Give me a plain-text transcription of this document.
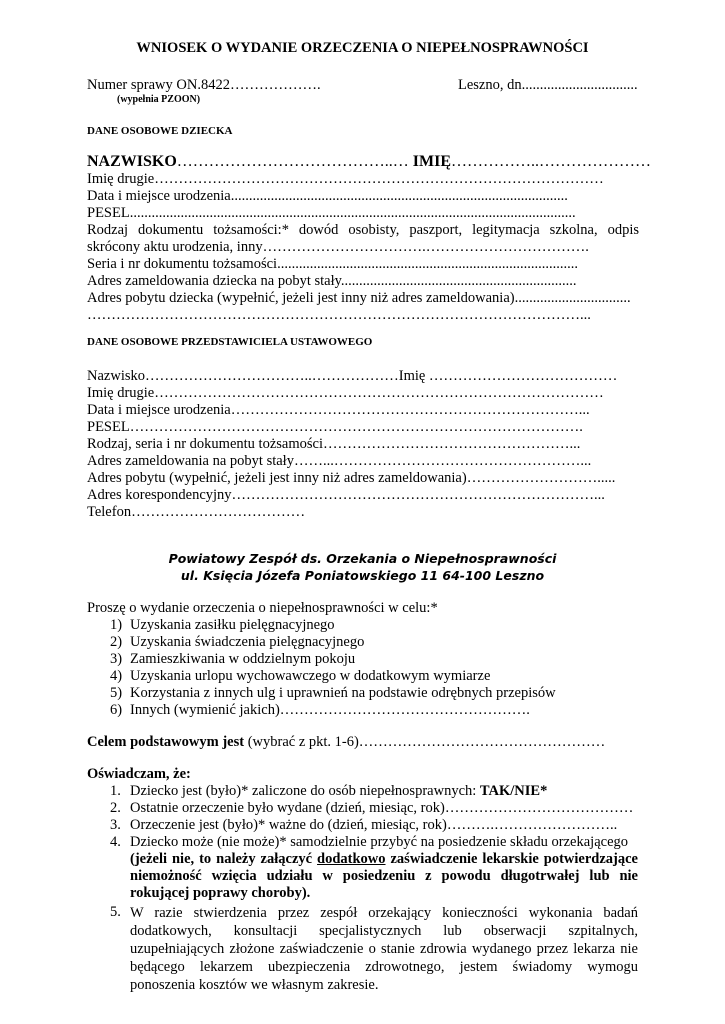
WNIOSEK O WYDANIE ORZECZENIA O NIEPEŁNOSPRAWNOŚCI
Numer sprawy ON.8422……………….
(wypełnia PZOON)
Leszno, dn................................
DANE OSOBOWE DZIECKA
NAZWISKO…………………………………..… IMIĘ……………..…………………
Imię drugie…………………………………………………………………………………
Data i miejsce urodzenia.............................................................................................
PESEL...........................................................................................................................
Rodzaj dokumentu tożsamości:* dowód osobisty, paszport, legitymacja szkolna, odpis
skrócony aktu urodzenia, inny…………………………….…………………………….
Seria i nr dokumentu tożsamości...................................................................................
Adres zameldowania dziecka na pobyt stały.................................................................
Adres pobytu dziecka (wypełnić, jeżeli jest inny niż adres zameldowania)................................
…………………………………………………………………………………………...
DANE OSOBOWE PRZEDSTAWICIELA USTAWOWEGO
Nazwisko……………………………..………………Imię …………………………………
Imię drugie…………………………………………………………………………………
Data i miejsce urodzenia………………………………………………………………...
PESEL………………………………………………………………………………….
Rodzaj, seria i nr dokumentu tożsamości……………………………………………...
Adres zameldowania na pobyt stały……...……………………………………………...
Adres pobytu (wypełnić, jeżeli jest inny niż adres zameldowania)……………………….....
Adres korespondencyjny…………………………………………………………………...
Telefon………………………………
Powiatowy Zespół ds. Orzekania o Niepełnosprawności
ul. Księcia Józefa Poniatowskiego 11 64-100 Leszno
Proszę o wydanie orzeczenia o niepełnosprawności w celu:*
1) Uzyskania zasiłku pielęgnacyjnego
2) Uzyskania świadczenia pielęgnacyjnego
3) Zamieszkiwania w oddzielnym pokoju
4) Uzyskania urlopu wychowawczego w dodatkowym wymiarze
5) Korzystania z innych ulg i uprawnień na podstawie odrębnych przepisów
6) Innych (wymienić jakich)…………………………………………….
Celem podstawowym jest (wybrać z pkt. 1-6)……………………………………………
Oświadczam, że:
1. Dziecko jest (było)* zaliczone do osób niepełnosprawnych: TAK/NIE*
2. Ostatnie orzeczenie było wydane (dzień, miesiąc, rok)…………………………………
3. Orzeczenie jest (było)* ważne do (dzień, miesiąc, rok)……….……………………..
4. Dziecko może (nie może)* samodzielnie przybyć na posiedzenie składu orzekającego
(jeżeli nie, to należy załączyć dodatkowo zaświadczenie lekarskie potwierdzające
niemożność wzięcia udziału w posiedzeniu z powodu długotrwałej lub nie
rokującej poprawy choroby).
5. W razie stwierdzenia przez zespół orzekający konieczności wykonania badań
dodatkowych, konsultacji specjalistycznych lub obserwacji szpitalnych,
uzupełniających złożone zaświadczenie o stanie zdrowia wydanego przez lekarza nie
będącego lekarzem ubezpieczenia zdrowotnego, jestem świadomy wymogu
ponoszenia kosztów we własnym zakresie.
